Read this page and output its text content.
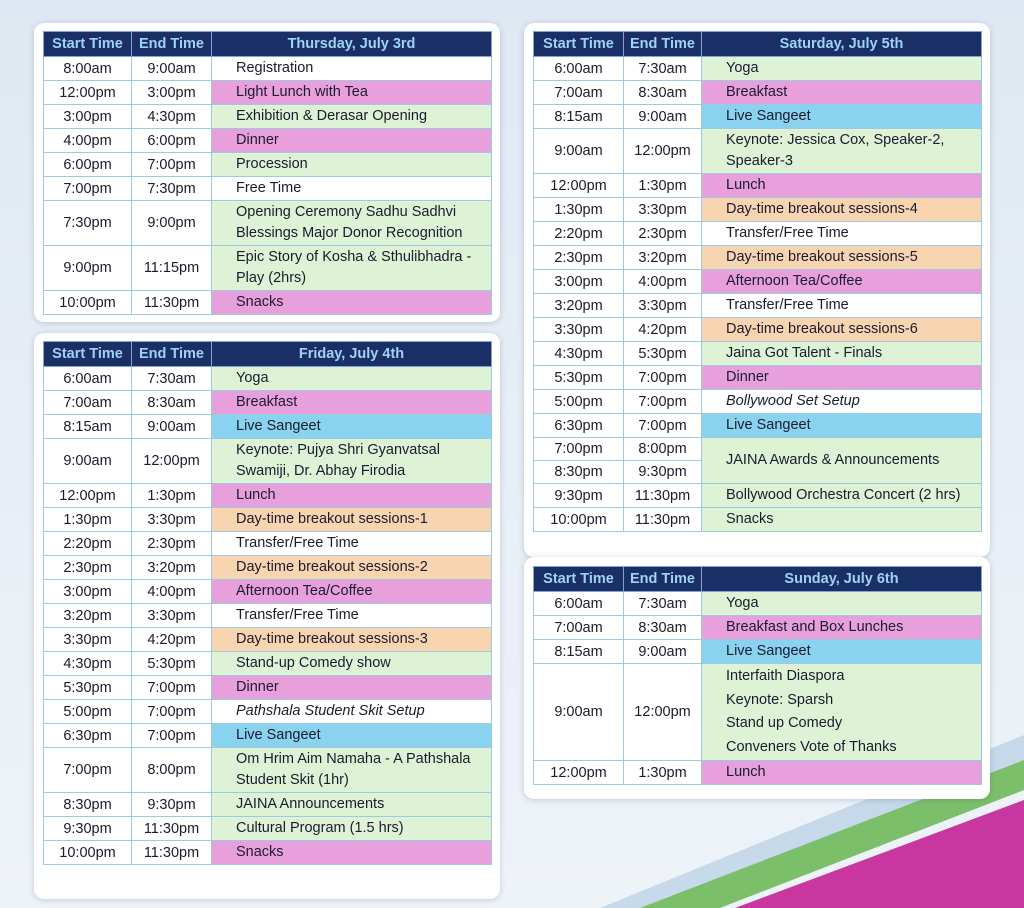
Start Time	End Time	Thursday, July 3rd
8:00am	9:00am	Registration
12:00pm	3:00pm	Light Lunch with Tea
3:00pm	4:30pm	Exhibition & Derasar Opening
4:00pm	6:00pm	Dinner
6:00pm	7:00pm	Procession
7:00pm	7:30pm	Free Time
7:30pm	9:00pm	Opening Ceremony Sadhu Sadhvi Blessings Major Donor Recognition
9:00pm	11:15pm	Epic Story of Kosha & Sthulibhadra - Play (2hrs)
10:00pm	11:30pm	Snacks
Start Time	End Time	Friday, July 4th
6:00am	7:30am	Yoga
7:00am	8:30am	Breakfast
8:15am	9:00am	Live Sangeet
9:00am	12:00pm	Keynote: Pujya Shri Gyanvatsal Swamiji, Dr. Abhay Firodia
12:00pm	1:30pm	Lunch
1:30pm	3:30pm	Day-time breakout sessions-1
2:20pm	2:30pm	Transfer/Free Time
2:30pm	3:20pm	Day-time breakout sessions-2
3:00pm	4:00pm	Afternoon Tea/Coffee
3:20pm	3:30pm	Transfer/Free Time
3:30pm	4:20pm	Day-time breakout sessions-3
4:30pm	5:30pm	Stand-up Comedy show
5:30pm	7:00pm	Dinner
5:00pm	7:00pm	Pathshala Student Skit Setup
6:30pm	7:00pm	Live Sangeet
7:00pm	8:00pm	Om Hrim Aim Namaha - A Pathshala Student Skit (1hr)
8:30pm	9:30pm	JAINA Announcements
9:30pm	11:30pm	Cultural Program (1.5 hrs)
10:00pm	11:30pm	Snacks
Start Time	End Time	Saturday, July 5th
6:00am	7:30am	Yoga
7:00am	8:30am	Breakfast
8:15am	9:00am	Live Sangeet
9:00am	12:00pm	Keynote: Jessica Cox, Speaker-2, Speaker-3
12:00pm	1:30pm	Lunch
1:30pm	3:30pm	Day-time breakout sessions-4
2:20pm	2:30pm	Transfer/Free Time
2:30pm	3:20pm	Day-time breakout sessions-5
3:00pm	4:00pm	Afternoon Tea/Coffee
3:20pm	3:30pm	Transfer/Free Time
3:30pm	4:20pm	Day-time breakout sessions-6
4:30pm	5:30pm	Jaina Got Talent - Finals
5:30pm	7:00pm	Dinner
5:00pm	7:00pm	Bollywood Set Setup
6:30pm	7:00pm	Live Sangeet
7:00pm	8:00pm	JAINA Awards & Announcements
8:30pm	9:30pm	
9:30pm	11:30pm	Bollywood Orchestra Concert (2 hrs)
10:00pm	11:30pm	Snacks
Start Time	End Time	Sunday, July 6th
6:00am	7:30am	Yoga
7:00am	8:30am	Breakfast and Box Lunches
8:15am	9:00am	Live Sangeet
9:00am	12:00pm	Interfaith Diaspora
Keynote: Sparsh
Stand up Comedy
Conveners Vote of Thanks

12:00pm	1:30pm	Lunch
